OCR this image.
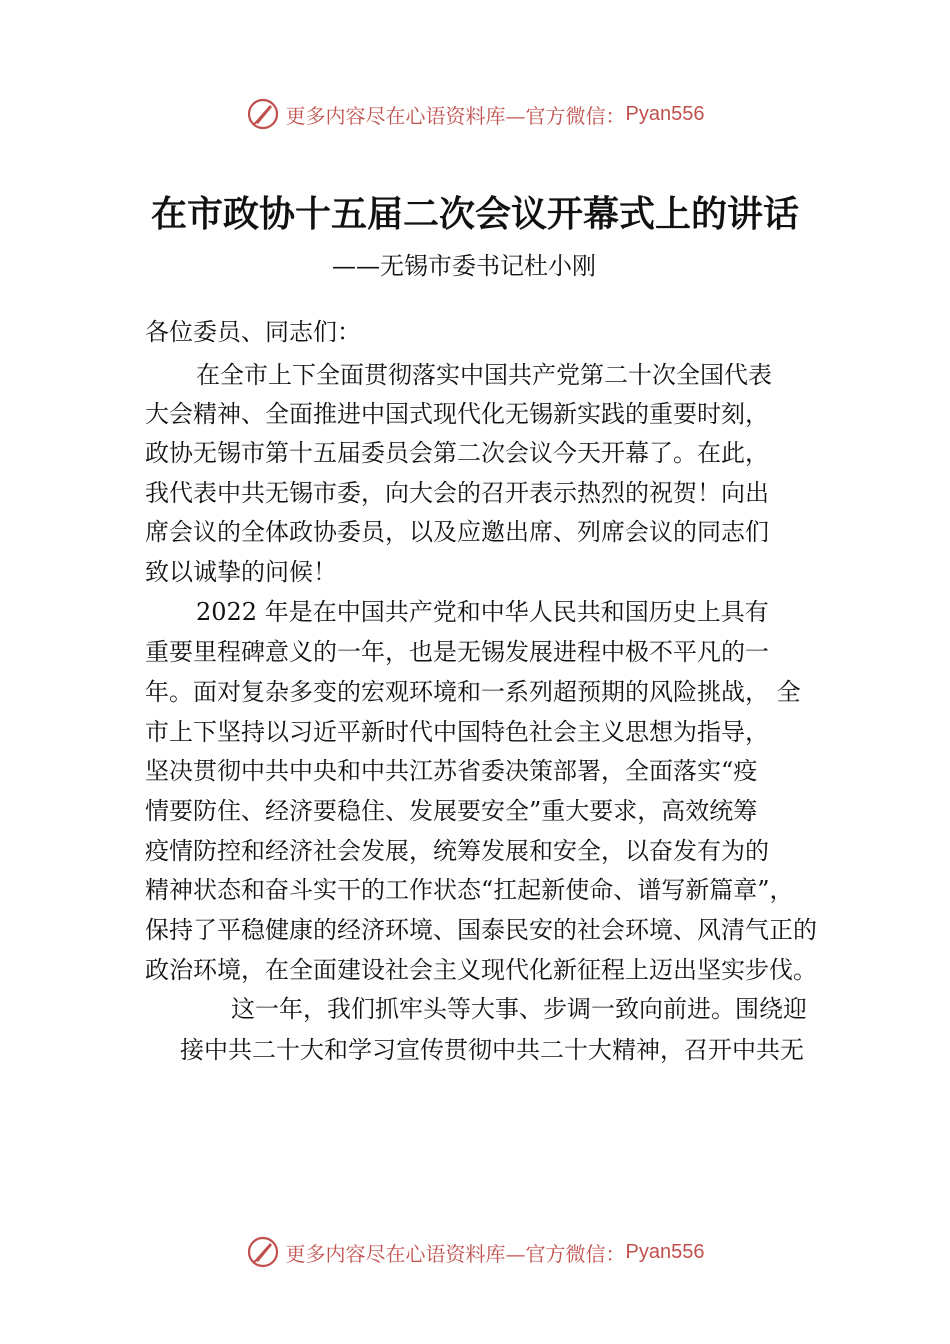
更多内容尽在心语资料库—官方微信： Pyan556
在市政协十五届二次会议开幕式上的讲话
——无锡市委书记杜小刚
各位委员、同志们：
在全市上下全面贯彻落实中国共产党第二十次全国代表
大会精神、全面推进中国式现代化无锡新实践的重要时刻，
政协无锡市第十五届委员会第二次会议今天开幕了。在此，
我代表中共无锡市委，向大会的召开表示热烈的祝贺！向出
席会议的全体政协委员，以及应邀出席、列席会议的同志们
致以诚挚的问候！
2022 年是在中国共产党和中华人民共和国历史上具有
重要里程碑意义的一年，也是无锡发展进程中极不平凡的一
年。面对复杂多变的宏观环境和一系列超预期的风险挑战， 全
市上下坚持以习近平新时代中国特色社会主义思想为指导，
坚决贯彻中共中央和中共江苏省委决策部署，全面落实“疫
情要防住、经济要稳住、发展要安全”重大要求，高效统筹
疫情防控和经济社会发展，统筹发展和安全，以奋发有为的
精神状态和奋斗实干的工作状态“扛起新使命、谱写新篇章”，
保持了平稳健康的经济环境、国泰民安的社会环境、风清气正的
政治环境，在全面建设社会主义现代化新征程上迈出坚实步伐。
这一年，我们抓牢头等大事、步调一致向前进。围绕迎
接中共二十大和学习宣传贯彻中共二十大精神，召开中共无
更多内容尽在心语资料库—官方微信： Pyan556
